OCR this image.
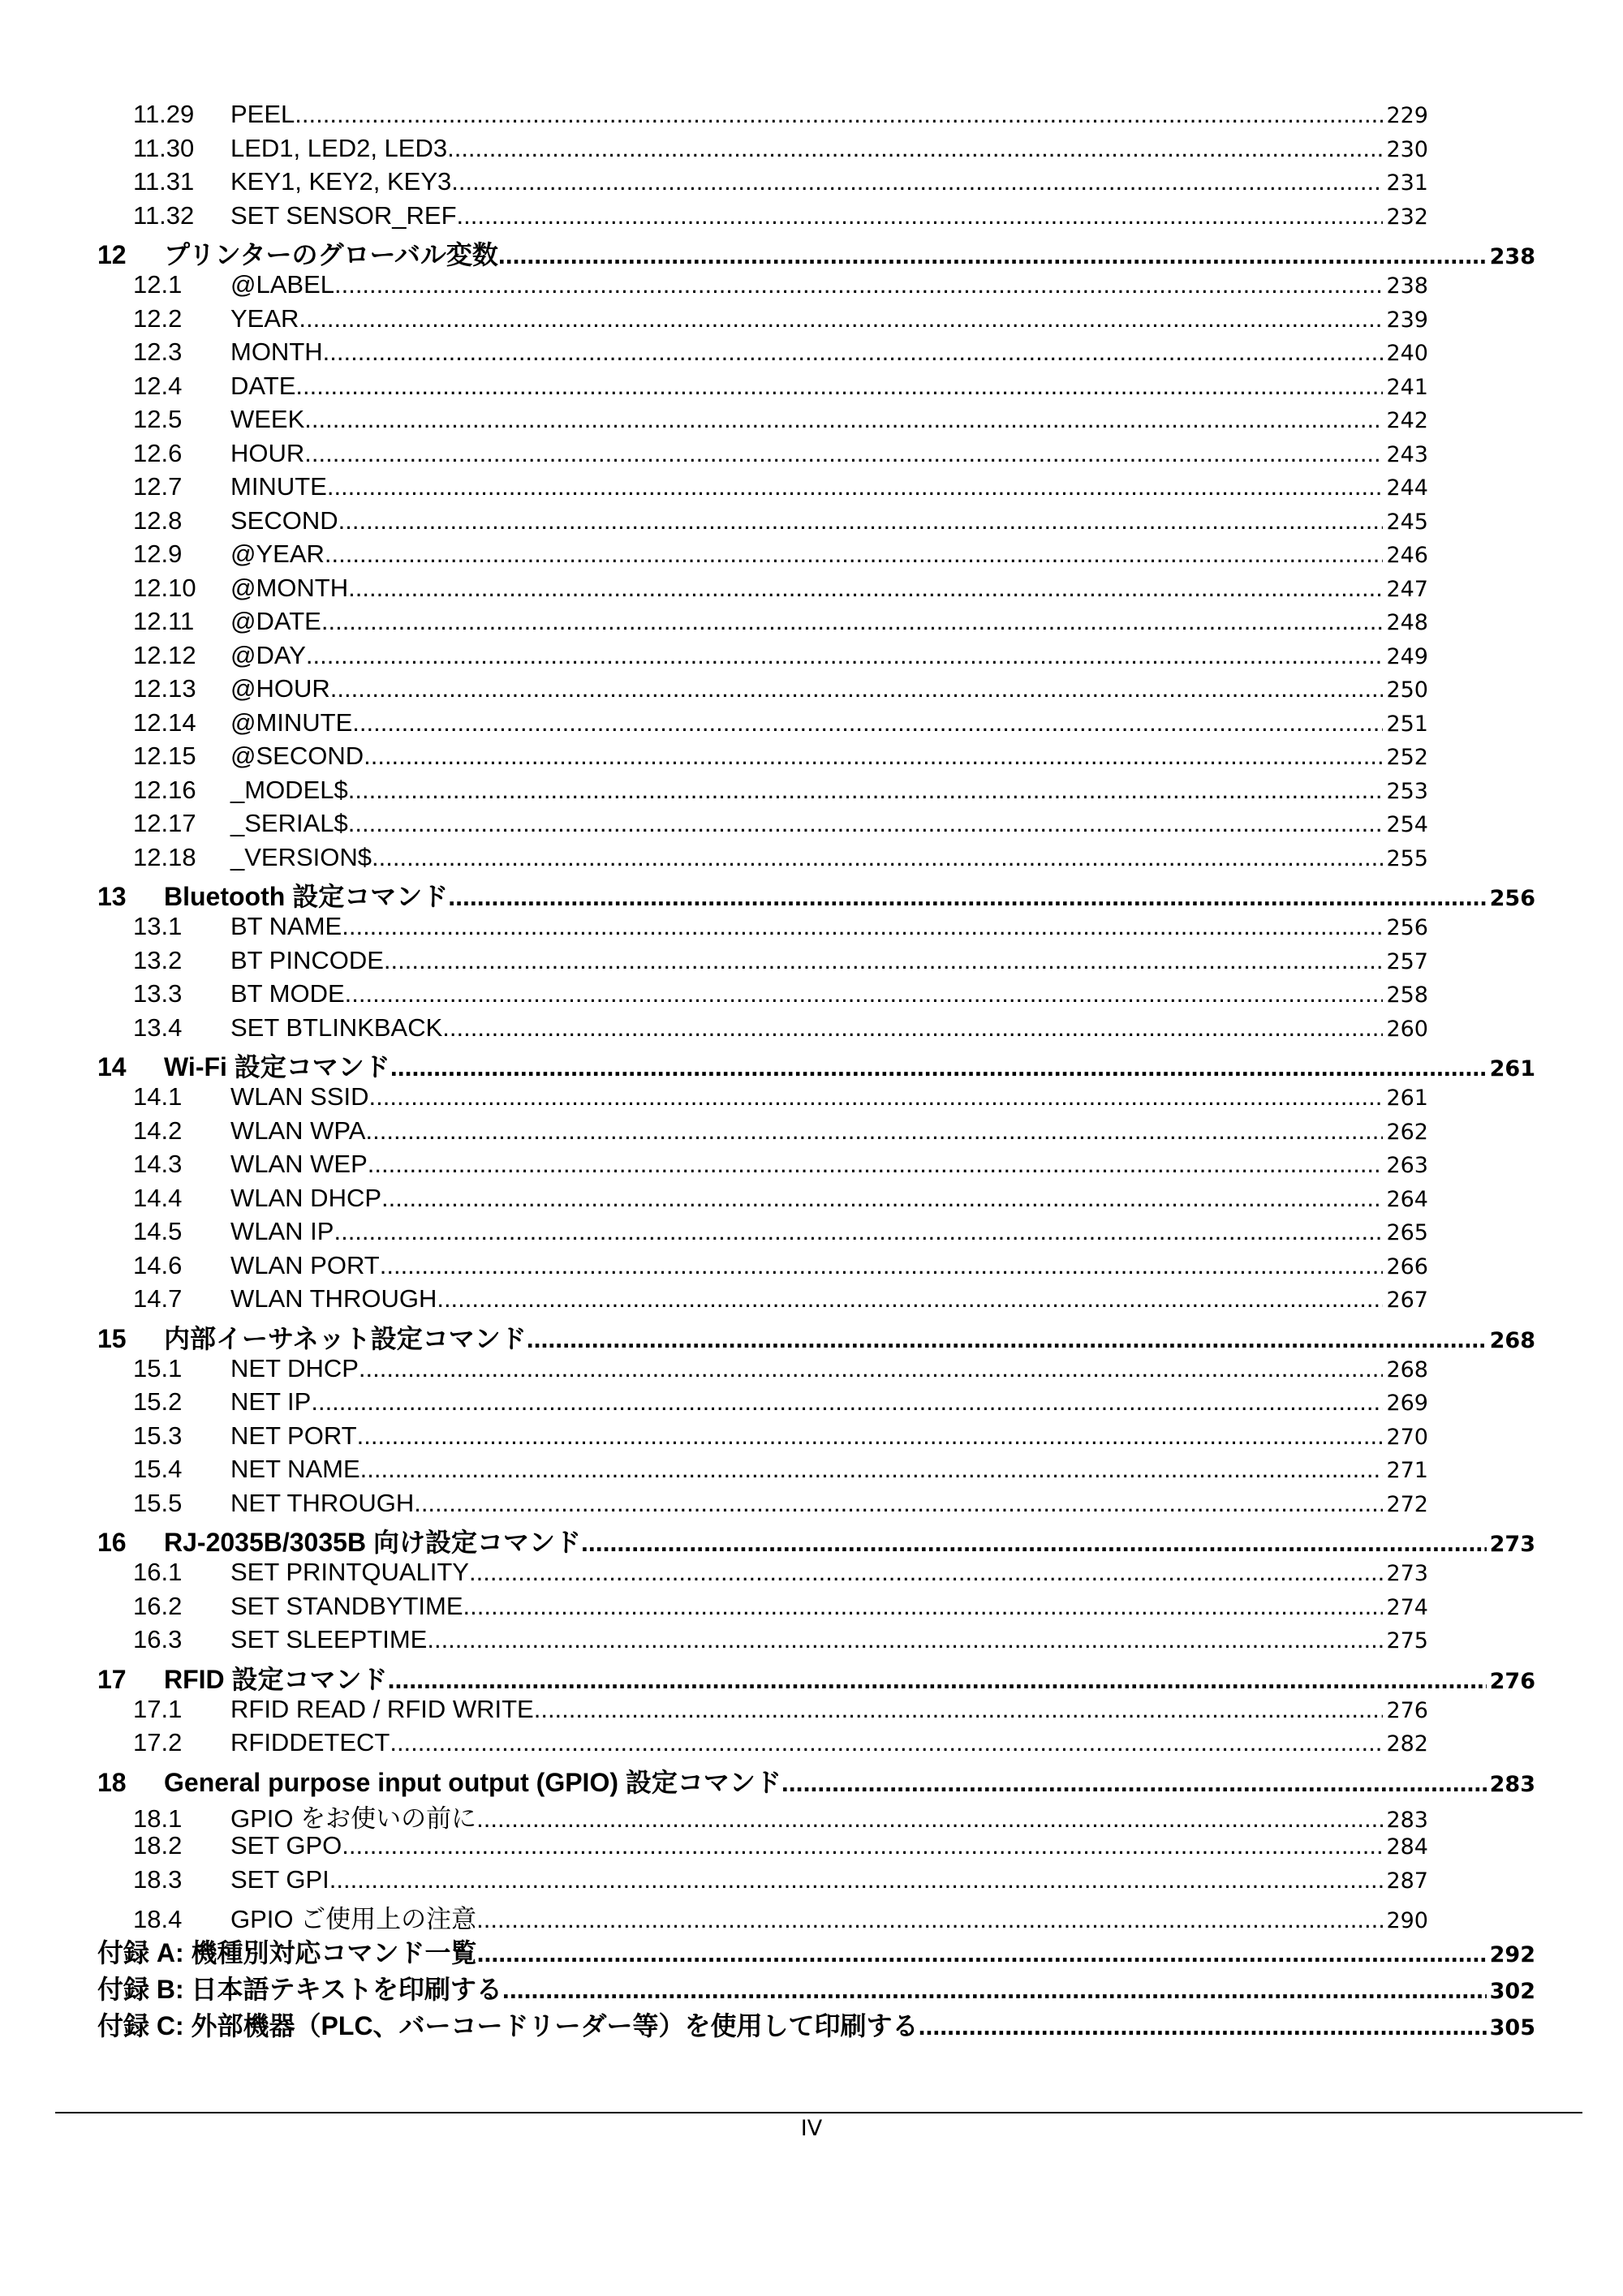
11.29	PEEL .....	229
11.30	LED1, LED2, LED3 .....	230
11.31	KEY1, KEY2, KEY3 .....	231
11.32	SET SENSOR_REF .....	232
12	プリンターのグローバル変数 .....	238
12.1	@LABEL .....	238
12.2	YEAR .....	239
12.3	MONTH .....	240
12.4	DATE .....	241
12.5	WEEK .....	242
12.6	HOUR .....	243
12.7	MINUTE .....	244
12.8	SECOND .....	245
12.9	@YEAR .....	246
12.10	@MONTH .....	247
12.11	@DATE .....	248
12.12	@DAY .....	249
12.13	@HOUR .....	250
12.14	@MINUTE .....	251
12.15	@SECOND .....	252
12.16	_MODEL$ .....	253
12.17	_SERIAL$ .....	254
12.18	_VERSION$ .....	255
13	Bluetooth 設定コマンド .....	256
13.1	BT NAME .....	256
13.2	BT PINCODE .....	257
13.3	BT MODE .....	258
13.4	SET BTLINKBACK .....	260
14	Wi-Fi 設定コマンド .....	261
14.1	WLAN SSID .....	261
14.2	WLAN WPA .....	262
14.3	WLAN WEP .....	263
14.4	WLAN DHCP .....	264
14.5	WLAN IP .....	265
14.6	WLAN PORT .....	266
14.7	WLAN THROUGH .....	267
15	内部イーサネット設定コマンド .....	268
15.1	NET DHCP .....	268
15.2	NET IP .....	269
15.3	NET PORT .....	270
15.4	NET NAME .....	271
15.5	NET THROUGH .....	272
16	RJ-2035B/3035B 向け設定コマンド .....	273
16.1	SET PRINTQUALITY .....	273
16.2	SET STANDBYTIME .....	274
16.3	SET SLEEPTIME .....	275
17	RFID 設定コマンド .....	276
17.1	RFID READ / RFID WRITE .....	276
17.2	RFIDDETECT .....	282
18	General purpose input output (GPIO) 設定コマンド .....	283
18.1	GPIO をお使いの前に .....	283
18.2	SET GPO .....	284
18.3	SET GPI .....	287
18.4	GPIO ご使用上の注意 .....	290
付録 A: 機種別対応コマンド一覧 .....	292
付録 B: 日本語テキストを印刷する .....	302
付録 C: 外部機器（PLC、バーコードリーダー等）を使用して印刷する .....	305
IV
